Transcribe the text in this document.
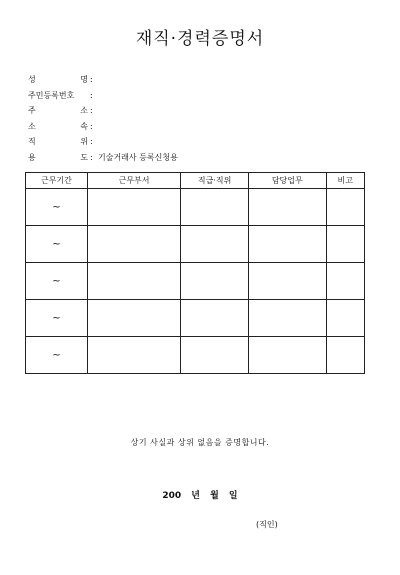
재직·경력증명서
성	명 :
주민등록번호 :
주	소 :
소	속 :
직	위 :
용	도 : 기술거래사 등록신청용
근무기간	근무부서	직급·직위	담당업무	비고
~				
~				
~				
~				
~				
상기 사실과 상위 없음을 증명합니다.
200 년 월 일
(직인)
